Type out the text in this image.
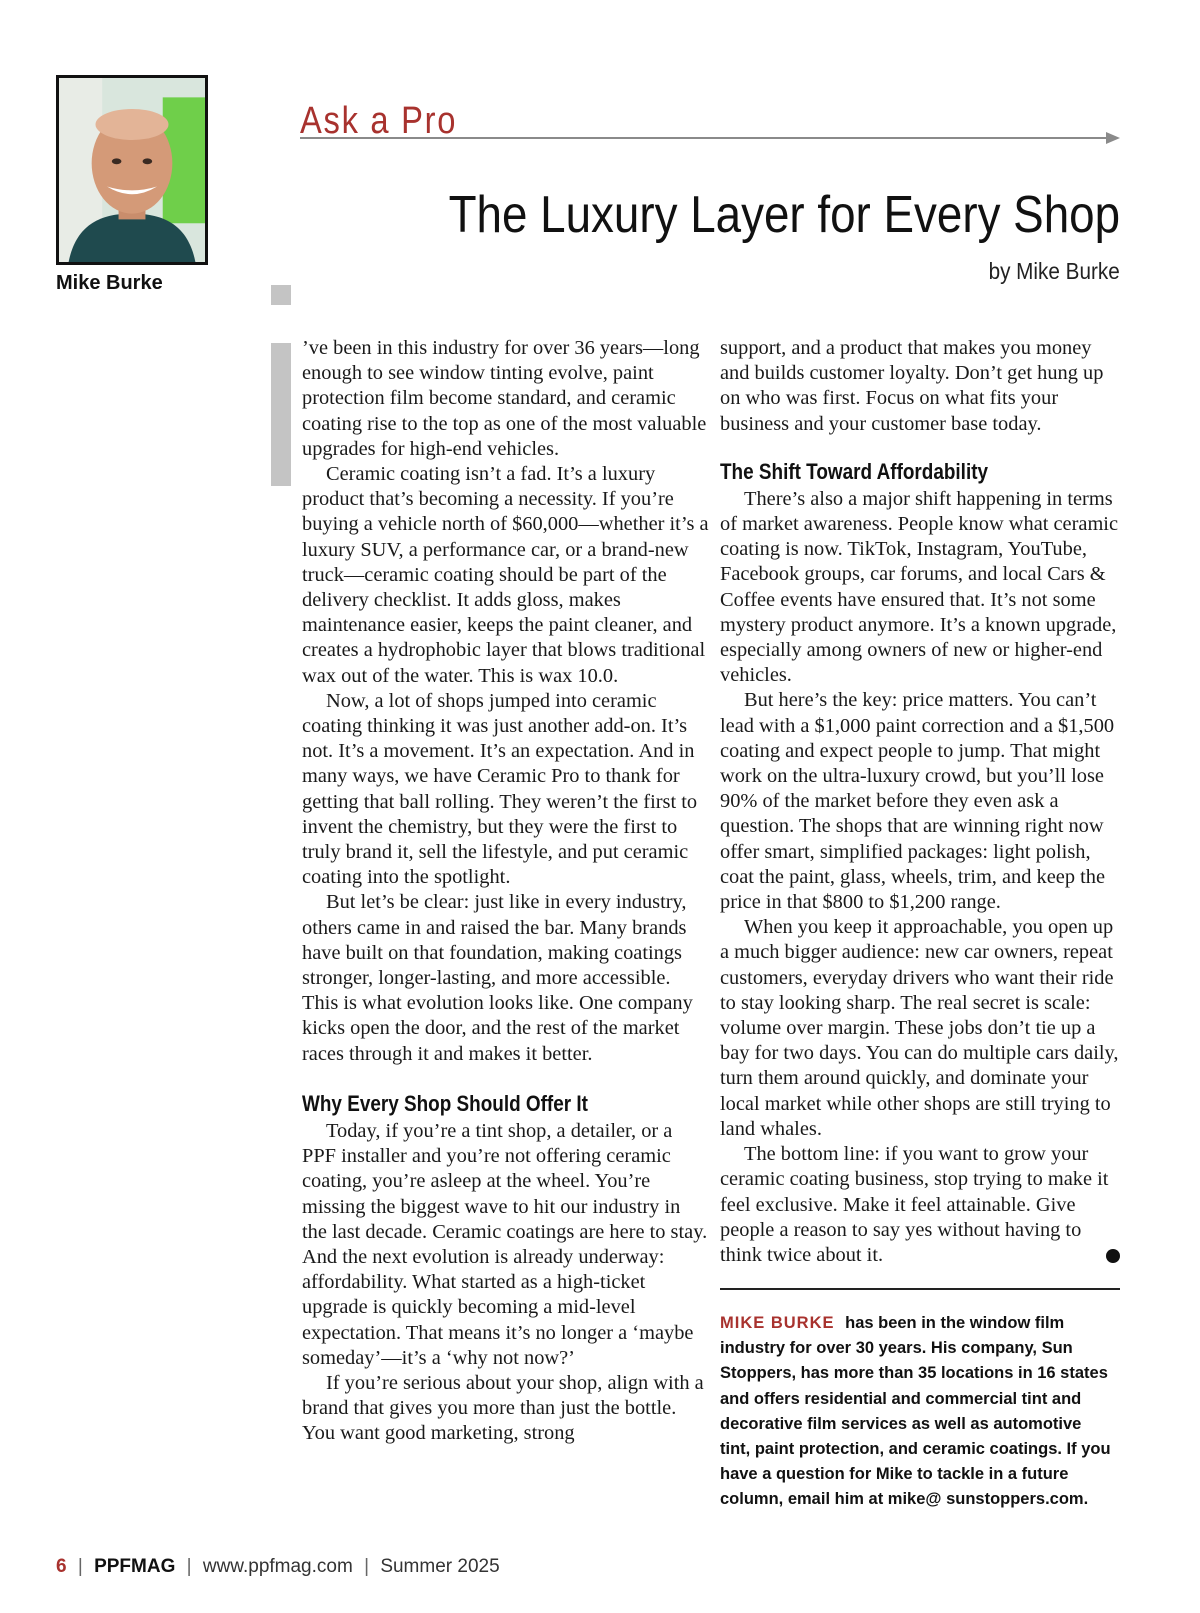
Mike Burke
Ask a Pro
The Luxury Layer for Every Shop
by Mike Burke

’ve been in this industry for over 36 years—long enough to see window tinting evolve, paint protection film become standard, and ceramic coating rise to the top as one of the most valuable upgrades for high-end vehicles.

Ceramic coating isn’t a fad. It’s a luxury product that’s becoming a necessity. If you’re buying a vehicle north of $60,000—whether it’s a luxury SUV, a performance car, or a brand-new truck—ceramic coating should be part of the delivery checklist. It adds gloss, makes maintenance easier, keeps the paint cleaner, and creates a hydrophobic layer that blows traditional wax out of the water. This is wax 10.0.

Now, a lot of shops jumped into ceramic coating thinking it was just another add-on. It’s not. It’s a movement. It’s an expectation. And in many ways, we have Ceramic Pro to thank for getting that ball rolling. They weren’t the first to invent the chemistry, but they were the first to truly brand it, sell the lifestyle, and put ceramic coating into the spotlight.

But let’s be clear: just like in every industry, others came in and raised the bar. Many brands have built on that foundation, making coatings stronger, longer-lasting, and more accessible. This is what evolution looks like. One company kicks open the door, and the rest of the market races through it and makes it better.

Why Every Shop Should Offer It

Today, if you’re a tint shop, a detailer, or a PPF installer and you’re not offering ceramic coating, you’re asleep at the wheel. You’re missing the biggest wave to hit our industry in the last decade. Ceramic coatings are here to stay. And the next evolution is already underway: affordability. What started as a high-ticket upgrade is quickly becoming a mid-level expectation. That means it’s no longer a ‘maybe someday’—it’s a ‘why not now?’

If you’re serious about your shop, align with a brand that gives you more than just the bottle. You want good marketing, strong

support, and a product that makes you money and builds customer loyalty. Don’t get hung up on who was first. Focus on what fits your business and your customer base today.

The Shift Toward Affordability

There’s also a major shift happening in terms of market awareness. People know what ceramic coating is now. TikTok, Instagram, YouTube, Facebook groups, car forums, and local Cars & Coffee events have ensured that. It’s not some mystery product anymore. It’s a known upgrade, especially among owners of new or higher-end vehicles.

But here’s the key: price matters. You can’t lead with a $1,000 paint correction and a $1,500 coating and expect people to jump. That might work on the ultra-luxury crowd, but you’ll lose 90% of the market before they even ask a question. The shops that are winning right now offer smart, simplified packages: light polish, coat the paint, glass, wheels, trim, and keep the price in that $800 to $1,200 range.

When you keep it approachable, you open up a much bigger audience: new car owners, repeat customers, everyday drivers who want their ride to stay looking sharp. The real secret is scale: volume over margin. These jobs don’t tie up a bay for two days. You can do multiple cars daily, turn them around quickly, and dominate your local market while other shops are still trying to land whales.

The bottom line: if you want to grow your ceramic coating business, stop trying to make it feel exclusive. Make it feel attainable. Give people a reason to say yes without having to think twice about it.

MIKE BURKE has been in the window film industry for over 30 years. His company, Sun Stoppers, has more than 35 locations in 16 states and offers residential and commercial tint and decorative film services as well as automotive tint, paint protection, and ceramic coatings. If you have a question for Mike to tackle in a future column, email him at mike@ sunstoppers.com.
6 | PPFMAG | www.ppfmag.com | Summer 2025
